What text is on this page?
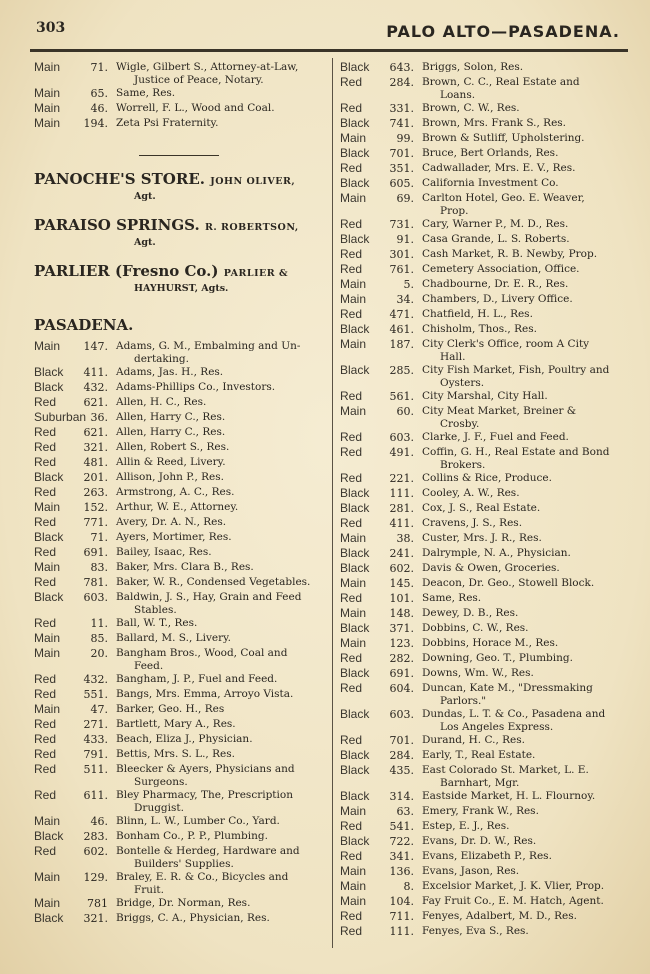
303	PALO ALTO—PASADENA.
Main	71. Wigle, Gilbert S., Attorney-at-Law,
Justice of Peace, Notary.
Main	65. Same, Res.
Main	46. Worrell, F. L., Wood and Coal.
Main	194. Zeta Psi Fraternity.
PANOCHE'S STORE. JOHN OLIVER,
Agt.
PARAISO SPRINGS. R. ROBERTSON,
Agt.
PARLIER (Fresno Co.) PARLIER &
HAYHURST, Agts.
PASADENA.
Main	147. Adams, G. M., Embalming and Un-
dertaking.
Black	411. Adams, Jas. H., Res.
Black	432. Adams-Phillips Co., Investors.
Red	621. Allen, H. C., Res.
Suburban 36. Allen, Harry C., Res.
Red	621. Allen, Harry C., Res.
Red	321. Allen, Robert S., Res.
Red	481. Allin & Reed, Livery.
Black	201. Allison, John P., Res.
Red	263. Armstrong, A. C., Res.
Main	152. Arthur, W. E., Attorney.
Red	771. Avery, Dr. A. N., Res.
Black	71. Ayers, Mortimer, Res.
Red	691. Bailey, Isaac, Res.
Main	83. Baker, Mrs. Clara B., Res.
Red	781. Baker, W. R., Condensed Vegetables.
Black	603. Baldwin, J. S., Hay, Grain and Feed
Stables.
Red	11. Ball, W. T., Res.
Main	85. Ballard, M. S., Livery.
Main	20. Bangham Bros., Wood, Coal and
Feed.
Red	432. Bangham, J. P., Fuel and Feed.
Red	551. Bangs, Mrs. Emma, Arroyo Vista.
Main	47. Barker, Geo. H., Res
Red	271. Bartlett, Mary A., Res.
Red	433. Beach, Eliza J., Physician.
Red	791. Bettis, Mrs. S. L., Res.
Red	511. Bleecker & Ayers, Physicians and
Surgeons.
Red	611. Bley Pharmacy, The, Prescription
Druggist.
Main	46. Blinn, L. W., Lumber Co., Yard.
Black	283. Bonham Co., P. P., Plumbing.
Red	602. Bontelle & Herdeg, Hardware and
Builders' Supplies.
Main	129. Braley, E. R. & Co., Bicycles and
Fruit.
Main	781 Bridge, Dr. Norman, Res.
Black	321. Briggs, C. A., Physician, Res.
Black	643. Briggs, Solon, Res.
Red	284. Brown, C. C., Real Estate and
Loans.
Red	331. Brown, C. W., Res.
Black	741. Brown, Mrs. Frank S., Res.
Main	99. Brown & Sutliff, Upholstering.
Black	701. Bruce, Bert Orlands, Res.
Red	351. Cadwallader, Mrs. E. V., Res.
Black	605. California Investment Co.
Main	69. Carlton Hotel, Geo. E. Weaver,
Prop.
Red	731. Cary, Warner P., M. D., Res.
Black	91. Casa Grande, L. S. Roberts.
Red	301. Cash Market, R. B. Newby, Prop.
Red	761. Cemetery Association, Office.
Main	5. Chadbourne, Dr. E. R., Res.
Main	34. Chambers, D., Livery Office.
Red	471. Chatfield, H. L., Res.
Black	461. Chisholm, Thos., Res.
Main	187. City Clerk's Office, room A City
Hall.
Black	285. City Fish Market, Fish, Poultry and
Oysters.
Red	561. City Marshal, City Hall.
Main	60. City Meat Market, Breiner &
Crosby.
Red	603. Clarke, J. F., Fuel and Feed.
Red	491. Coffin, G. H., Real Estate and Bond
Brokers.
Red	221. Collins & Rice, Produce.
Black	111. Cooley, A. W., Res.
Black	281. Cox, J. S., Real Estate.
Red	411. Cravens, J. S., Res.
Main	38. Custer, Mrs. J. R., Res.
Black	241. Dalrymple, N. A., Physician.
Black	602. Davis & Owen, Groceries.
Main	145. Deacon, Dr. Geo., Stowell Block.
Red	101. Same, Res.
Main	148. Dewey, D. B., Res.
Black	371. Dobbins, C. W., Res.
Main	123. Dobbins, Horace M., Res.
Red	282. Downing, Geo. T., Plumbing.
Black	691. Downs, Wm. W., Res.
Red	604. Duncan, Kate M., "Dressmaking
Parlors."
Black	603. Dundas, L. T. & Co., Pasadena and
Los Angeles Express.
Red	701. Durand, H. C., Res.
Black	284. Early, T., Real Estate.
Black	435. East Colorado St. Market, L. E.
Barnhart, Mgr.
Black	314. Eastside Market, H. L. Flournoy.
Main	63. Emery, Frank W., Res.
Red	541. Estep, E. J., Res.
Black	722. Evans, Dr. D. W., Res.
Red	341. Evans, Elizabeth P., Res.
Main	136. Evans, Jason, Res.
Main	8. Excelsior Market, J. K. Vlier, Prop.
Main	104. Fay Fruit Co., E. M. Hatch, Agent.
Red	711. Fenyes, Adalbert, M. D., Res.
Red	111. Fenyes, Eva S., Res.
